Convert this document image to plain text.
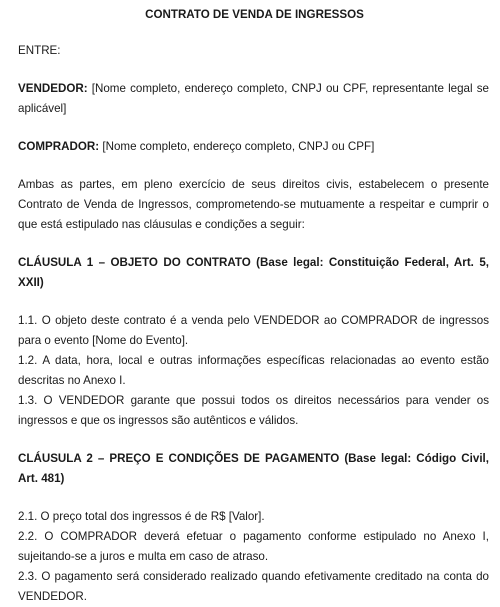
CONTRATO DE VENDA DE INGRESSOS

ENTRE:

VENDEDOR: [Nome completo, endereço completo, CNPJ ou CPF, representante legal se aplicável]

COMPRADOR: [Nome completo, endereço completo, CNPJ ou CPF]

Ambas as partes, em pleno exercício de seus direitos civis, estabelecem o presente Contrato de Venda de Ingressos, comprometendo-se mutuamente a respeitar e cumprir o que está estipulado nas cláusulas e condições a seguir:

CLÁUSULA 1 – OBJETO DO CONTRATO (Base legal: Constituição Federal, Art. 5, XXII)

1.1. O objeto deste contrato é a venda pelo VENDEDOR ao COMPRADOR de ingressos para o evento [Nome do Evento].

1.2. A data, hora, local e outras informações específicas relacionadas ao evento estão descritas no Anexo I.

1.3. O VENDEDOR garante que possui todos os direitos necessários para vender os ingressos e que os ingressos são autênticos e válidos.

CLÁUSULA 2 – PREÇO E CONDIÇÕES DE PAGAMENTO (Base legal: Código Civil, Art. 481)

2.1. O preço total dos ingressos é de R$ [Valor].

2.2. O COMPRADOR deverá efetuar o pagamento conforme estipulado no Anexo I, sujeitando-se a juros e multa em caso de atraso.

2.3. O pagamento será considerado realizado quando efetivamente creditado na conta do VENDEDOR.
